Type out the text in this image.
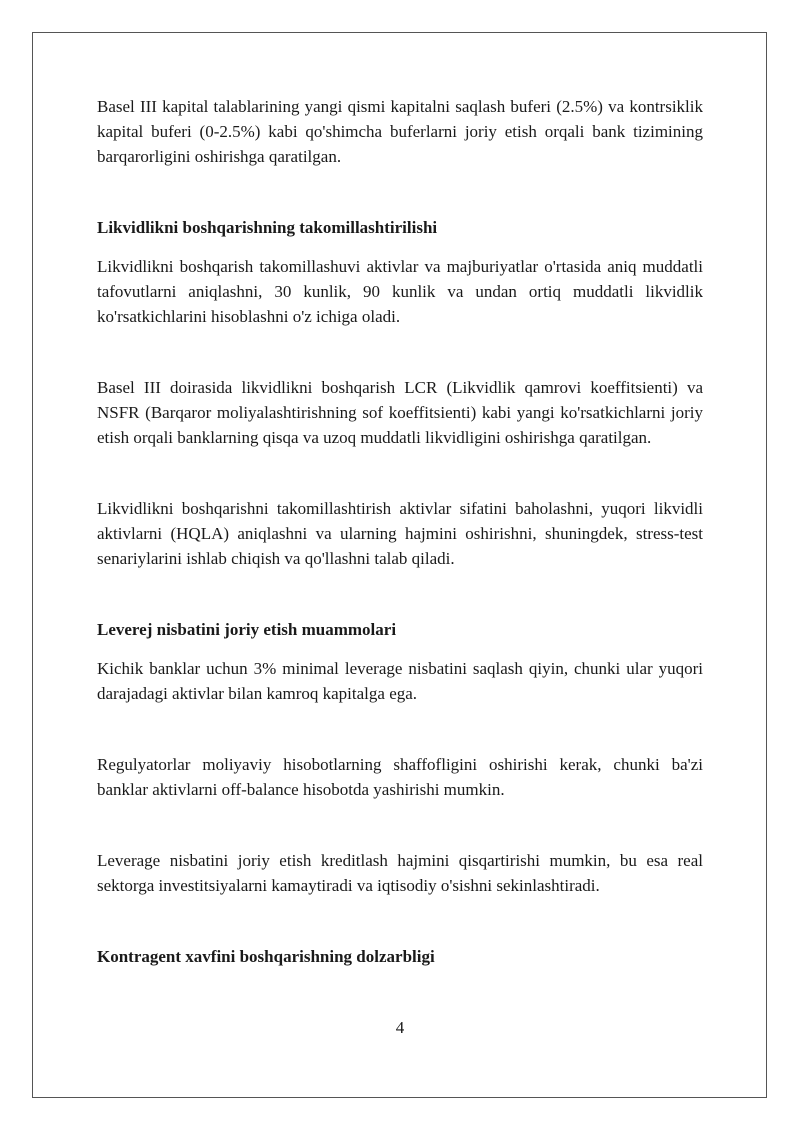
Basel III kapital talablarining yangi qismi kapitalni saqlash buferi (2.5%) va kontrsiklik kapital buferi (0-2.5%) kabi qo'shimcha buferlarni joriy etish orqali bank tizimining barqarorligini oshirishga qaratilgan.

Likvidlikni boshqarishning takomillashtirilishi

Likvidlikni boshqarish takomillashuvi aktivlar va majburiyatlar o'rtasida aniq muddatli tafovutlarni aniqlashni, 30 kunlik, 90 kunlik va undan ortiq muddatli likvidlik ko'rsatkichlarini hisoblashni o'z ichiga oladi.

Basel III doirasida likvidlikni boshqarish LCR (Likvidlik qamrovi koeffitsienti) va NSFR (Barqaror moliyalashtirishning sof koeffitsienti) kabi yangi ko'rsatkichlarni joriy etish orqali banklarning qisqa va uzoq muddatli likvidligini oshirishga qaratilgan.

Likvidlikni boshqarishni takomillashtirish aktivlar sifatini baholashni, yuqori likvidli aktivlarni (HQLA) aniqlashni va ularning hajmini oshirishni, shuningdek, stress-test senariylarini ishlab chiqish va qo'llashni talab qiladi.

Leverej nisbatini joriy etish muammolari

Kichik banklar uchun 3% minimal leverage nisbatini saqlash qiyin, chunki ular yuqori darajadagi aktivlar bilan kamroq kapitalga ega.

Regulyatorlar moliyaviy hisobotlarning shaffofligini oshirishi kerak, chunki ba'zi banklar aktivlarni off-balance hisobotda yashirishi mumkin.

Leverage nisbatini joriy etish kreditlash hajmini qisqartirishi mumkin, bu esa real sektorga investitsiyalarni kamaytiradi va iqtisodiy o'sishni sekinlashtiradi.

Kontragent xavfini boshqarishning dolzarbligi

4
